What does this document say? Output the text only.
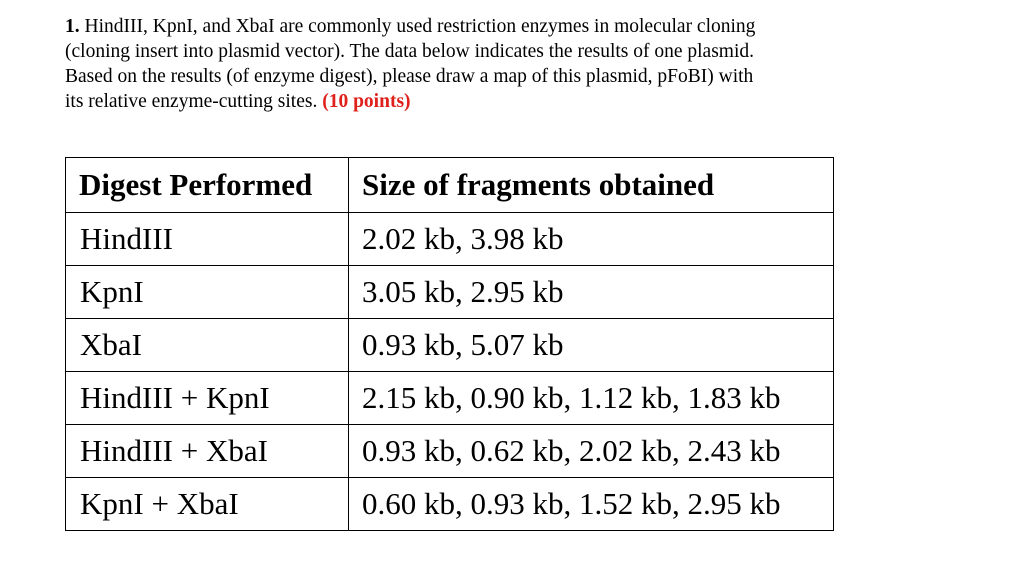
1. HindIII, KpnI, and XbaI are commonly used restriction enzymes in molecular cloning
(cloning insert into plasmid vector). The data below indicates the results of one plasmid.
Based on the results (of enzyme digest), please draw a map of this plasmid, pFoBI) with
its relative enzyme-cutting sites. (10 points)
Digest Performed	Size of fragments obtained
HindIII	2.02 kb, 3.98 kb
KpnI	3.05 kb, 2.95 kb
XbaI	0.93 kb, 5.07 kb
HindIII + KpnI	2.15 kb, 0.90 kb, 1.12 kb, 1.83 kb
HindIII + XbaI	0.93 kb, 0.62 kb, 2.02 kb, 2.43 kb
KpnI + XbaI	0.60 kb, 0.93 kb, 1.52 kb, 2.95 kb
